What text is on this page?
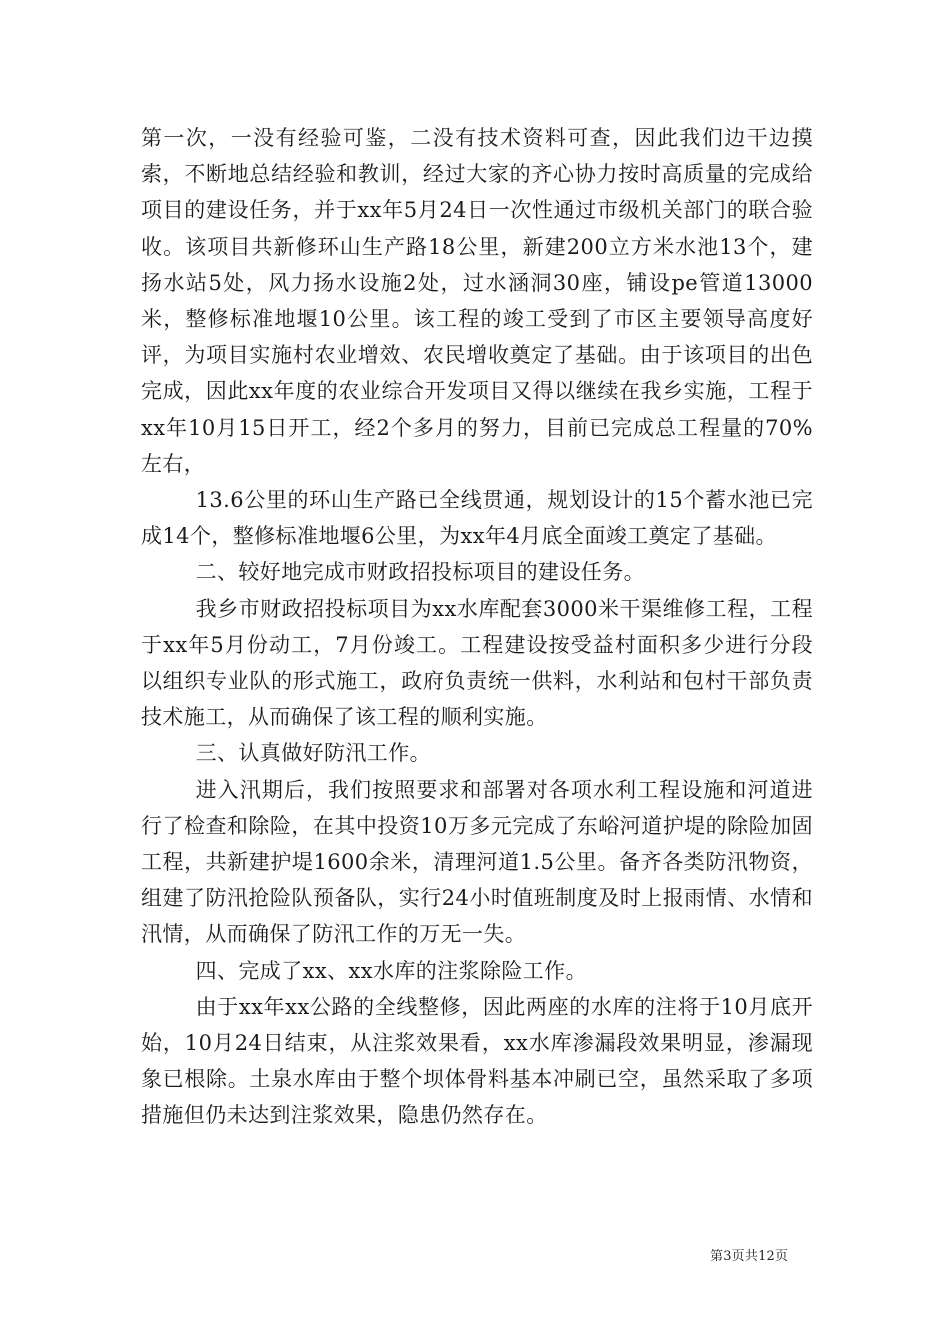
第一次，一没有经验可鉴，二没有技术资料可查，因此我们边干边摸索，不断地总结经验和教训，经过大家的齐心协力按时高质量的完成给项目的建设任务，并于xx年5月24日一次性通过市级机关部门的联合验收。该项目共新修环山生产路18公里，新建200立方米水池13个，建扬水站5处，风力扬水设施2处，过水涵洞30座，铺设pe管道13000米，整修标准地堰10公里。该工程的竣工受到了市区主要领导高度好评，为项目实施村农业增效、农民增收奠定了基础。由于该项目的出色完成，因此xx年度的农业综合开发项目又得以继续在我乡实施，工程于xx年10月15日开工，经2个多月的努力，目前已完成总工程量的70%左右，

13.6公里的环山生产路已全线贯通，规划设计的15个蓄水池已完成14个，整修标准地堰6公里，为xx年4月底全面竣工奠定了基础。

二、较好地完成市财政招投标项目的建设任务。

我乡市财政招投标项目为xx水库配套3000米干渠维修工程，工程于xx年5月份动工，7月份竣工。工程建设按受益村面积多少进行分段以组织专业队的形式施工，政府负责统一供料，水利站和包村干部负责技术施工，从而确保了该工程的顺利实施。

三、认真做好防汛工作。

进入汛期后，我们按照要求和部署对各项水利工程设施和河道进行了检查和除险，在其中投资10万多元完成了东峪河道护堤的除险加固工程，共新建护堤1600余米，清理河道1.5公里。备齐各类防汛物资，组建了防汛抢险队预备队，实行24小时值班制度及时上报雨情、水情和汛情，从而确保了防汛工作的万无一失。

四、完成了xx、xx水库的注浆除险工作。

由于xx年xx公路的全线整修，因此两座的水库的注将于10月底开始，10月24日结束，从注浆效果看，xx水库渗漏段效果明显，渗漏现象已根除。土泉水库由于整个坝体骨料基本冲刷已空，虽然采取了多项措施但仍未达到注浆效果，隐患仍然存在。

第3页共12页
